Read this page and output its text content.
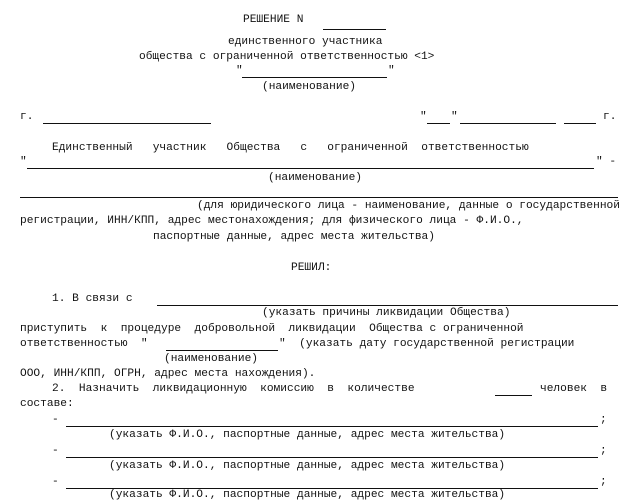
РЕШЕНИЕ N
единственного участника
общества с ограниченной ответственностью <1>
"	"
(наименование)
г.	" "	г.
Единственный   участник   Общества   с   ограниченной  ответственностью
"	" -
(наименование)
(для юридического лица - наименование, данные о государственной
регистрации, ИНН/КПП, адрес местонахождения; для физического лица - Ф.И.О.,
паспортные данные, адрес места жительства)
РЕШИЛ:
1. В связи с
(указать причины ликвидации Общества)
приступить  к  процедуре  добровольной  ликвидации  Общества с ограниченной
ответственностью  "	"  (указать дату государственной регистрации
(наименование)
ООО, ИНН/КПП, ОГРН, адрес места нахождения).
2.  Назначить  ликвидационную  комиссию  в  количестве	человек  в
составе:
-	;
(указать Ф.И.О., паспортные данные, адрес места жительства)
-	;
(указать Ф.И.О., паспортные данные, адрес места жительства)
-	;
(указать Ф.И.О., паспортные данные, адрес места жительства)
